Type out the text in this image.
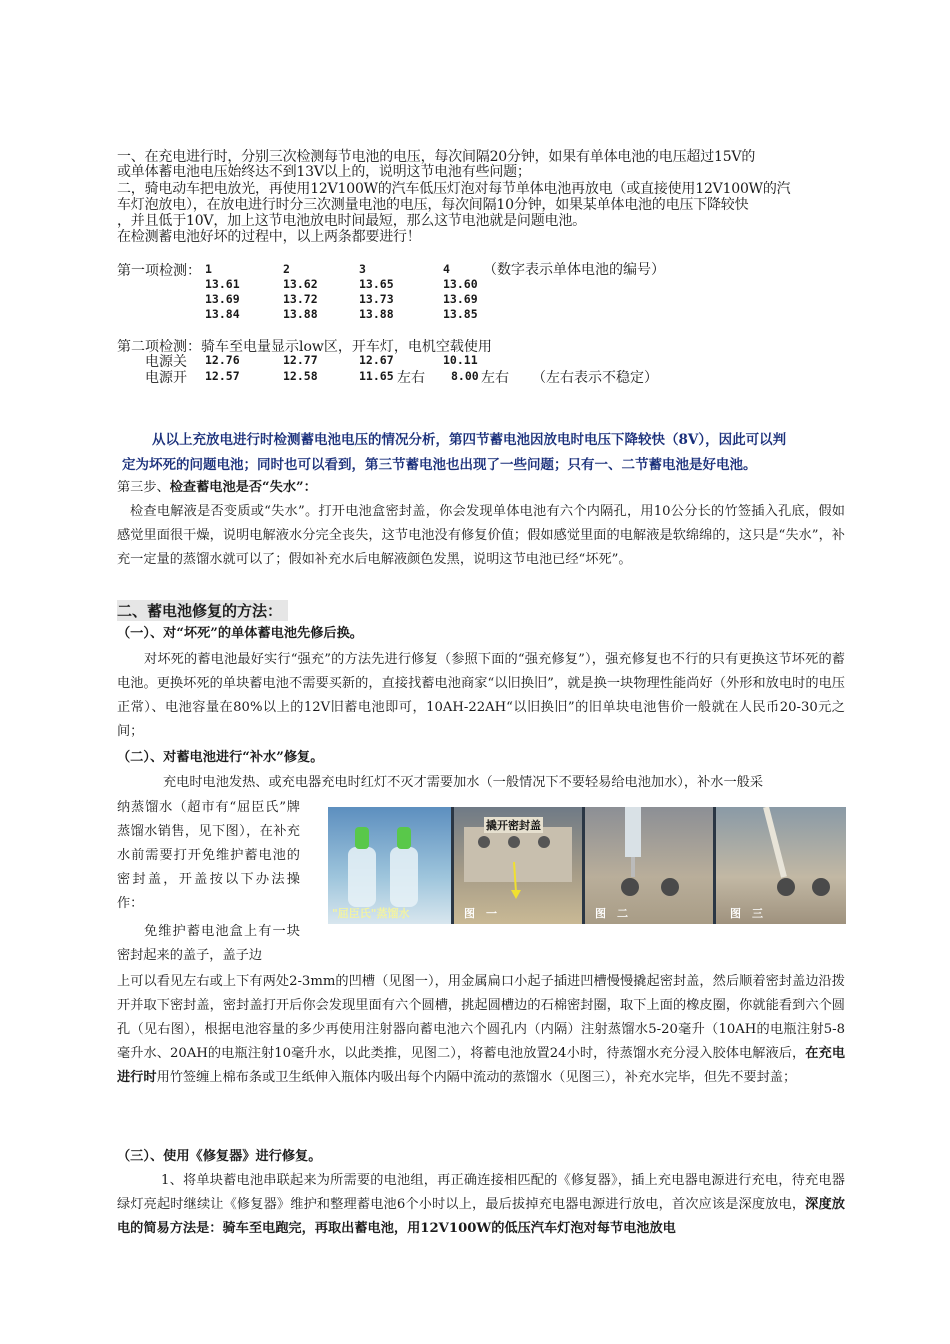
一、在充电进行时，分别三次检测每节电池的电压，每次间隔20分钟，如果有单体电池的电压超过15V的
或单体蓄电池电压始终达不到13V以上的，说明这节电池有些问题；
二，骑电动车把电放光，再使用12V100W的汽车低压灯泡对每节单体电池再放电（或直接使用12V100W的汽
车灯泡放电），在放电进行时分三次测量电池的电压，每次间隔10分钟，如果某单体电池的电压下降较快
，并且低于10V，加上这节电池放电时间最短，那么这节电池就是问题电池。
在检测蓄电池好坏的过程中，以上两条都要进行！
第一项检测： 1	2	3	4 （数字表示单体电池的编号）
13.61	13.62	13.65	13.60
13.69	13.72	13.73	13.69
13.84	13.88	13.88	13.85
第二项检测：骑车至电量显示low区，开车灯，电机空载使用
电源关 12.76	12.77	12.67	10.11
电源开 12.57	12.58	11.65 左右 8.00 左右 （左右表示不稳定）
从以上充放电进行时检测蓄电池电压的情况分析，第四节蓄电池因放电时电压下降较快（8V），因此可以判
定为坏死的问题电池；同时也可以看到，第三节蓄电池也出现了一些问题；只有一、二节蓄电池是好电池。
第三步、检查蓄电池是否“失水”：
检查电解液是否变质或“失水”。打开电池盒密封盖，你会发现单体电池有六个内隔孔，用10公分长的竹签插入孔底，假如感觉里面很干燥，说明电解液水分完全丧失，这节电池没有修复价值；假如感觉里面的电解液是软绵绵的，这只是“失水”，补充一定量的蒸馏水就可以了；假如补充水后电解液颜色发黑，说明这节电池已经“坏死”。
二、蓄电池修复的方法：
（一）、对“坏死”的单体蓄电池先修后换。
对坏死的蓄电池最好实行“强充”的方法先进行修复（参照下面的“强充修复”），强充修复也不行的只有更换这节坏死的蓄电池。更换坏死的单块蓄电池不需要买新的，直接找蓄电池商家“以旧换旧”，就是换一块物理性能尚好（外形和放电时的电压正常）、电池容量在80%以上的12V旧蓄电池即可，10AH-22AH“以旧换旧”的旧单块电池售价一般就在人民币20-30元之间；
（二）、对蓄电池进行“补水”修复。
充电时电池发热、或充电器充电时红灯不灭才需要加水（一般情况下不要轻易给电池加水），补水一般采
纳蒸馏水（超市有“屈臣氏”牌蒸馏水销售，见下图），在补充水前需要打开免维护蓄电池的密封盖，开盖按以下办法操作：
免维护蓄电池盒上有一块密封起来的盖子，盖子边
上可以看见左右或上下有两处2-3mm的凹槽（见图一），用金属扁口小起子插进凹槽慢慢撬起密封盖，然后顺着密封盖边沿拨开并取下密封盖，密封盖打开后你会发现里面有六个圆槽，挑起圆槽边的石棉密封圈，取下上面的橡皮圈，你就能看到六个圆孔（见右图），根据电池容量的多少再使用注射器向蓄电池六个圆孔内（内隔）注射蒸馏水5-20毫升（10AH的电瓶注射5-8毫升水、20AH的电瓶注射10毫升水，以此类推，见图二），将蓄电池放置24小时，待蒸馏水充分浸入胶体电解液后，在充电进行时用竹签缠上棉布条或卫生纸伸入瓶体内吸出每个内隔中流动的蒸馏水（见图三），补充水完毕，但先不要封盖；
（三）、使用《修复器》进行修复。
1、将单块蓄电池串联起来为所需要的电池组，再正确连接相匹配的《修复器》，插上充电器电源进行充电，待充电器绿灯亮起时继续让《修复器》维护和整理蓄电池6个小时以上，最后拔掉充电器电源进行放电，首次应该是深度放电，深度放电的简易方法是：骑车至电跑完，再取出蓄电池，用12V100W的低压汽车灯泡对每节电池放电
"屈臣氏"蒸馏水
撬开密封盖
图　一	图　二	图　三
